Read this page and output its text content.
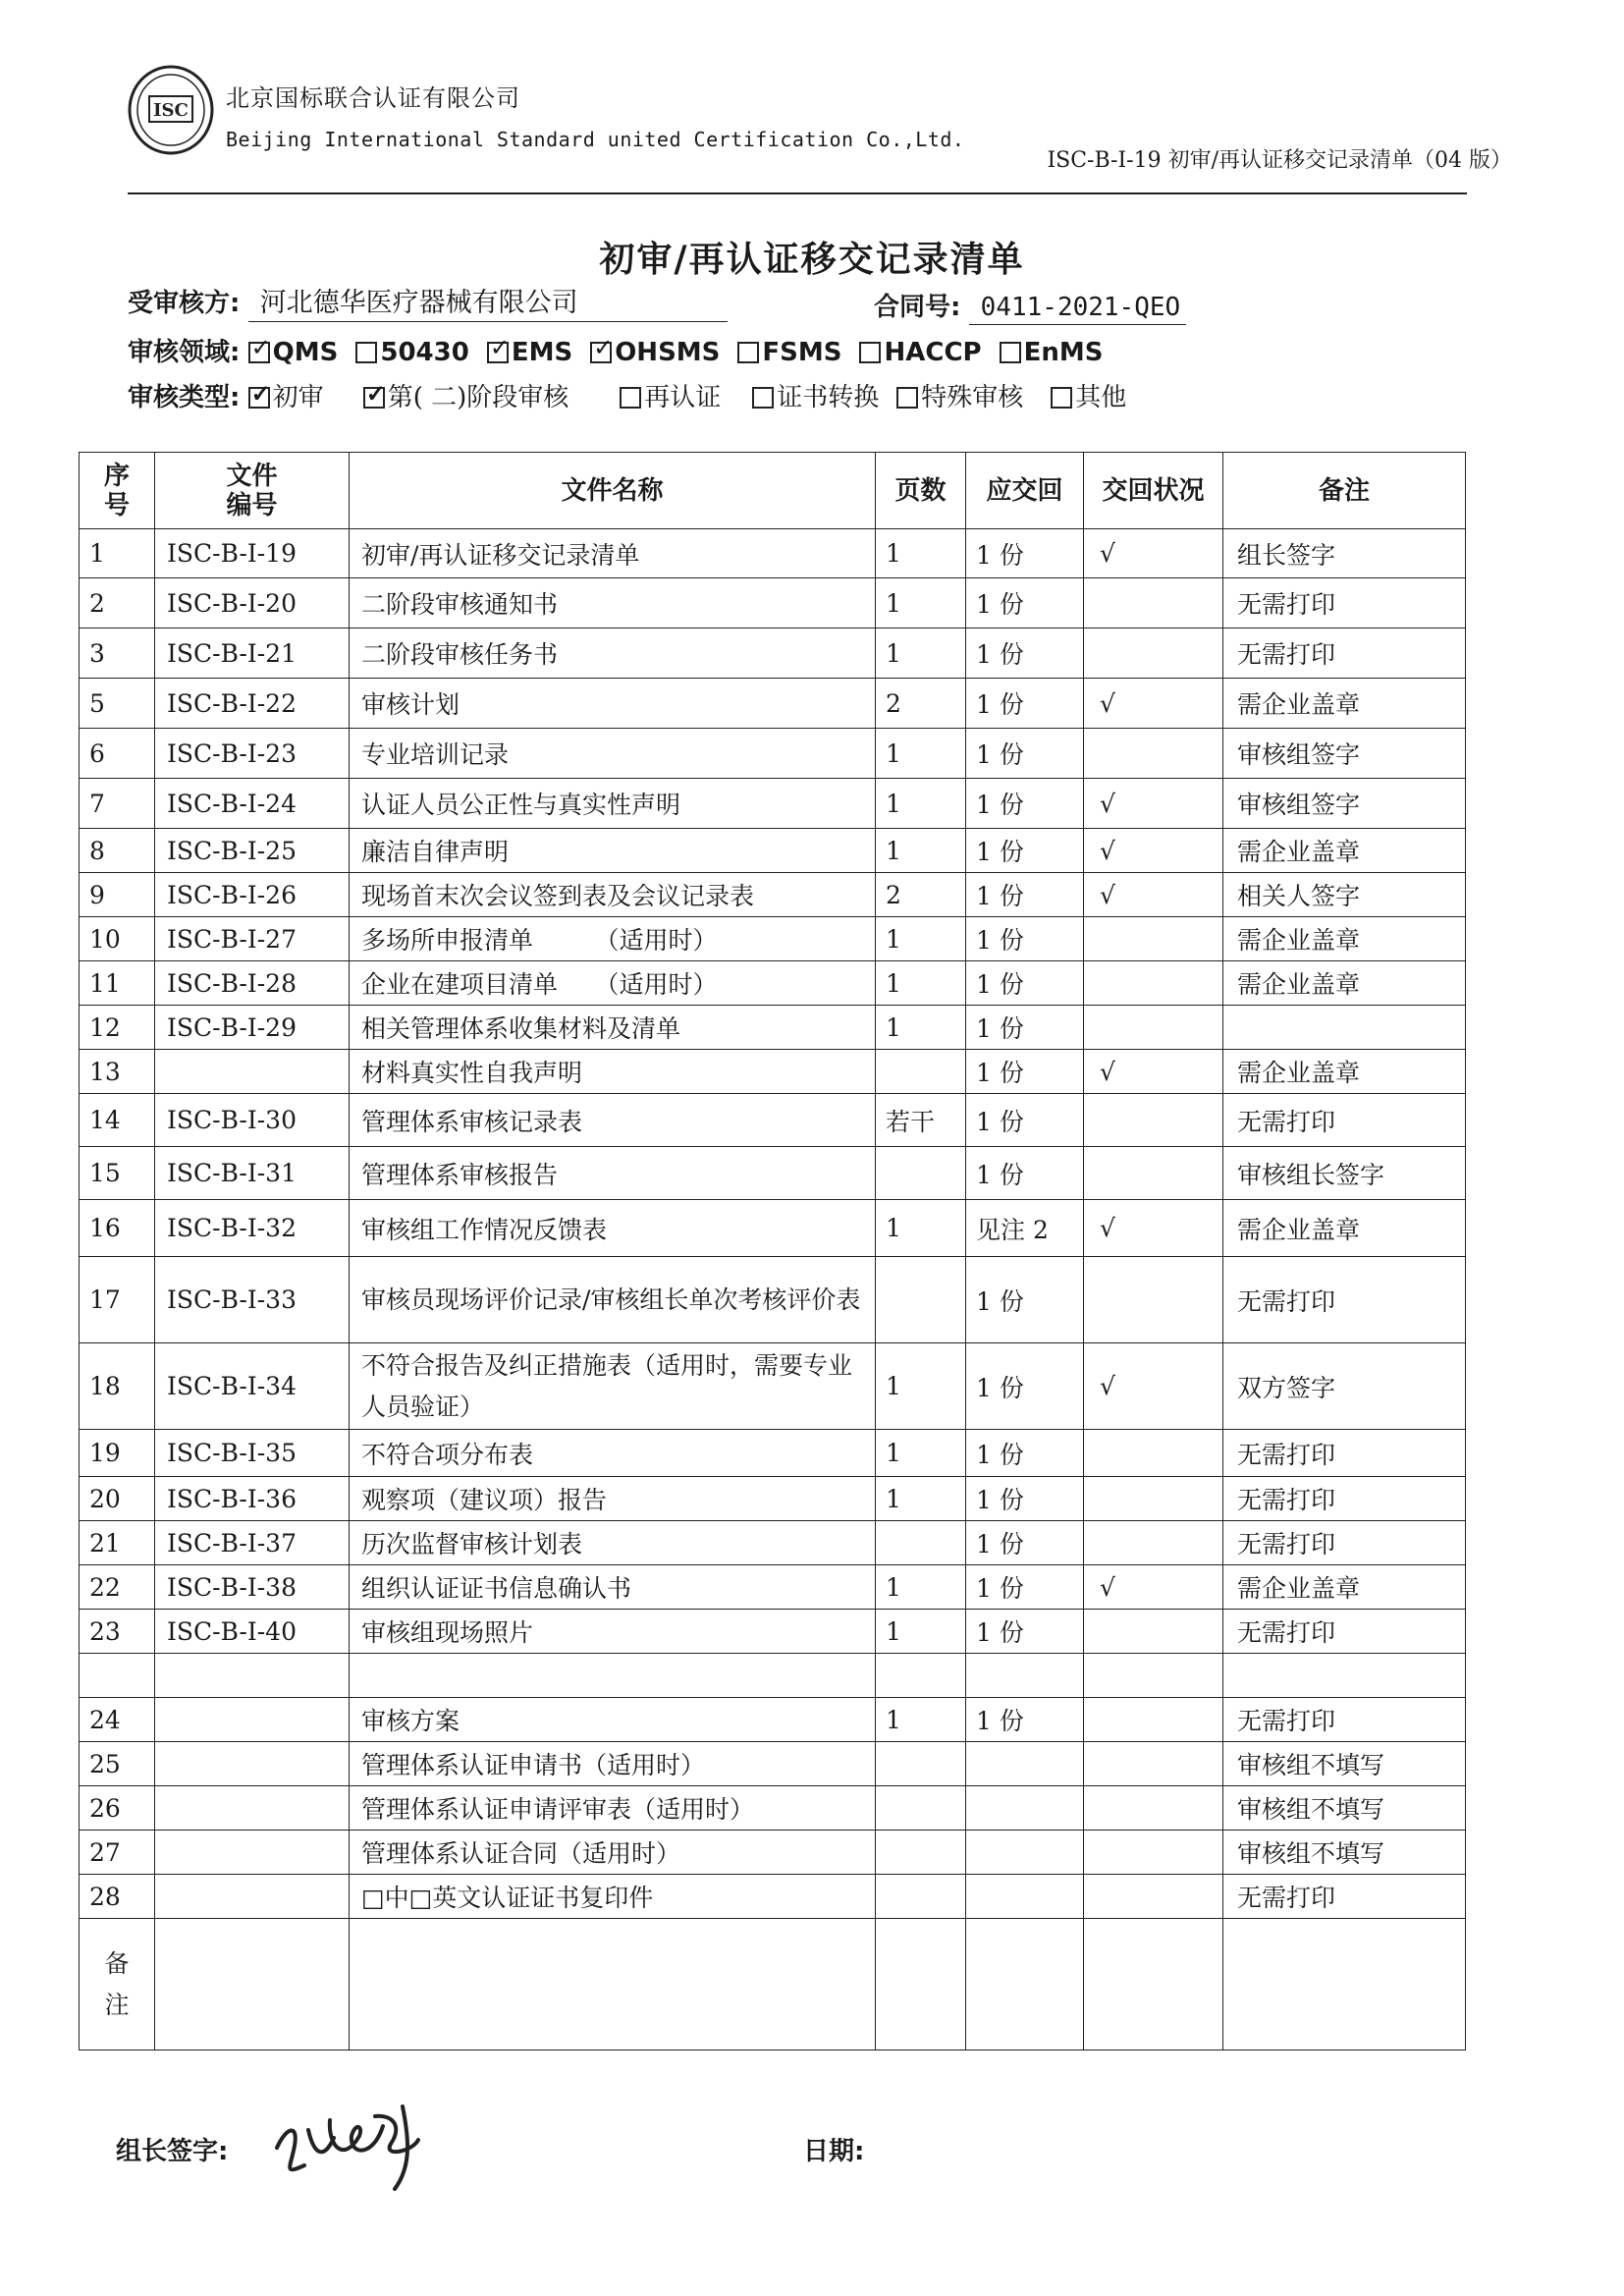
ISC 北京国标联合认证有限公司
Beijing International Standard united Certification Co.,Ltd.
ISC-B-I-19 初审/再认证移交记录清单（04 版）
初审/再认证移交记录清单
受审核方: 河北德华医疗器械有限公司	合同号: 0411-2021-QEO
审核领域: ✓ QMS 50430 ✓ EMS ✓ OHSMS FSMS HACCP EnMS
审核类型: ✓ 初审 ✓	第( 二)阶段审核	再认证 证书转换 特殊审核 其他
序号	文件编号	文件名称	页数	应交回	交回状况	备注
1	ISC-B-I-19	初审/再认证移交记录清单	1	1 份	√	组长签字
2	ISC-B-I-20	二阶段审核通知书	1	1 份		无需打印
3	ISC-B-I-21	二阶段审核任务书	1	1 份		无需打印
5	ISC-B-I-22	审核计划	2	1 份	√	需企业盖章
6	ISC-B-I-23	专业培训记录	1	1 份		审核组签字
7	ISC-B-I-24	认证人员公正性与真实性声明	1	1 份	√	审核组签字
8	ISC-B-I-25	廉洁自律声明	1	1 份	√	需企业盖章
9	ISC-B-I-26	现场首末次会议签到表及会议记录表	2	1 份	√	相关人签字
10	ISC-B-I-27	多场所申报清单　　　（适用时）	1	1 份		需企业盖章
11	ISC-B-I-28	企业在建项目清单　　（适用时）	1	1 份		需企业盖章
12	ISC-B-I-29	相关管理体系收集材料及清单	1	1 份		
13		材料真实性自我声明		1 份	√	需企业盖章
14	ISC-B-I-30	管理体系审核记录表	若干	1 份		无需打印
15	ISC-B-I-31	管理体系审核报告		1 份		审核组长签字
16	ISC-B-I-32	审核组工作情况反馈表	1	见注 2	√	需企业盖章
17	ISC-B-I-33	审核员现场评价记录/审核组长单次考核评价表		1 份		无需打印
18	ISC-B-I-34	不符合报告及纠正措施表（适用时，需要专业人员验证）	1	1 份	√	双方签字
19	ISC-B-I-35	不符合项分布表	1	1 份		无需打印
20	ISC-B-I-36	观察项（建议项）报告	1	1 份		无需打印
21	ISC-B-I-37	历次监督审核计划表		1 份		无需打印
22	ISC-B-I-38	组织认证证书信息确认书	1	1 份	√	需企业盖章
23	ISC-B-I-40	审核组现场照片	1	1 份		无需打印

24		审核方案	1	1 份		无需打印
25		管理体系认证申请书（适用时）				审核组不填写
26		管理体系认证申请评审表（适用时）				审核组不填写
27		管理体系认证合同（适用时）				审核组不填写
28		□中□英文认证证书复印件				无需打印
备注						
组长签字:	日期:
